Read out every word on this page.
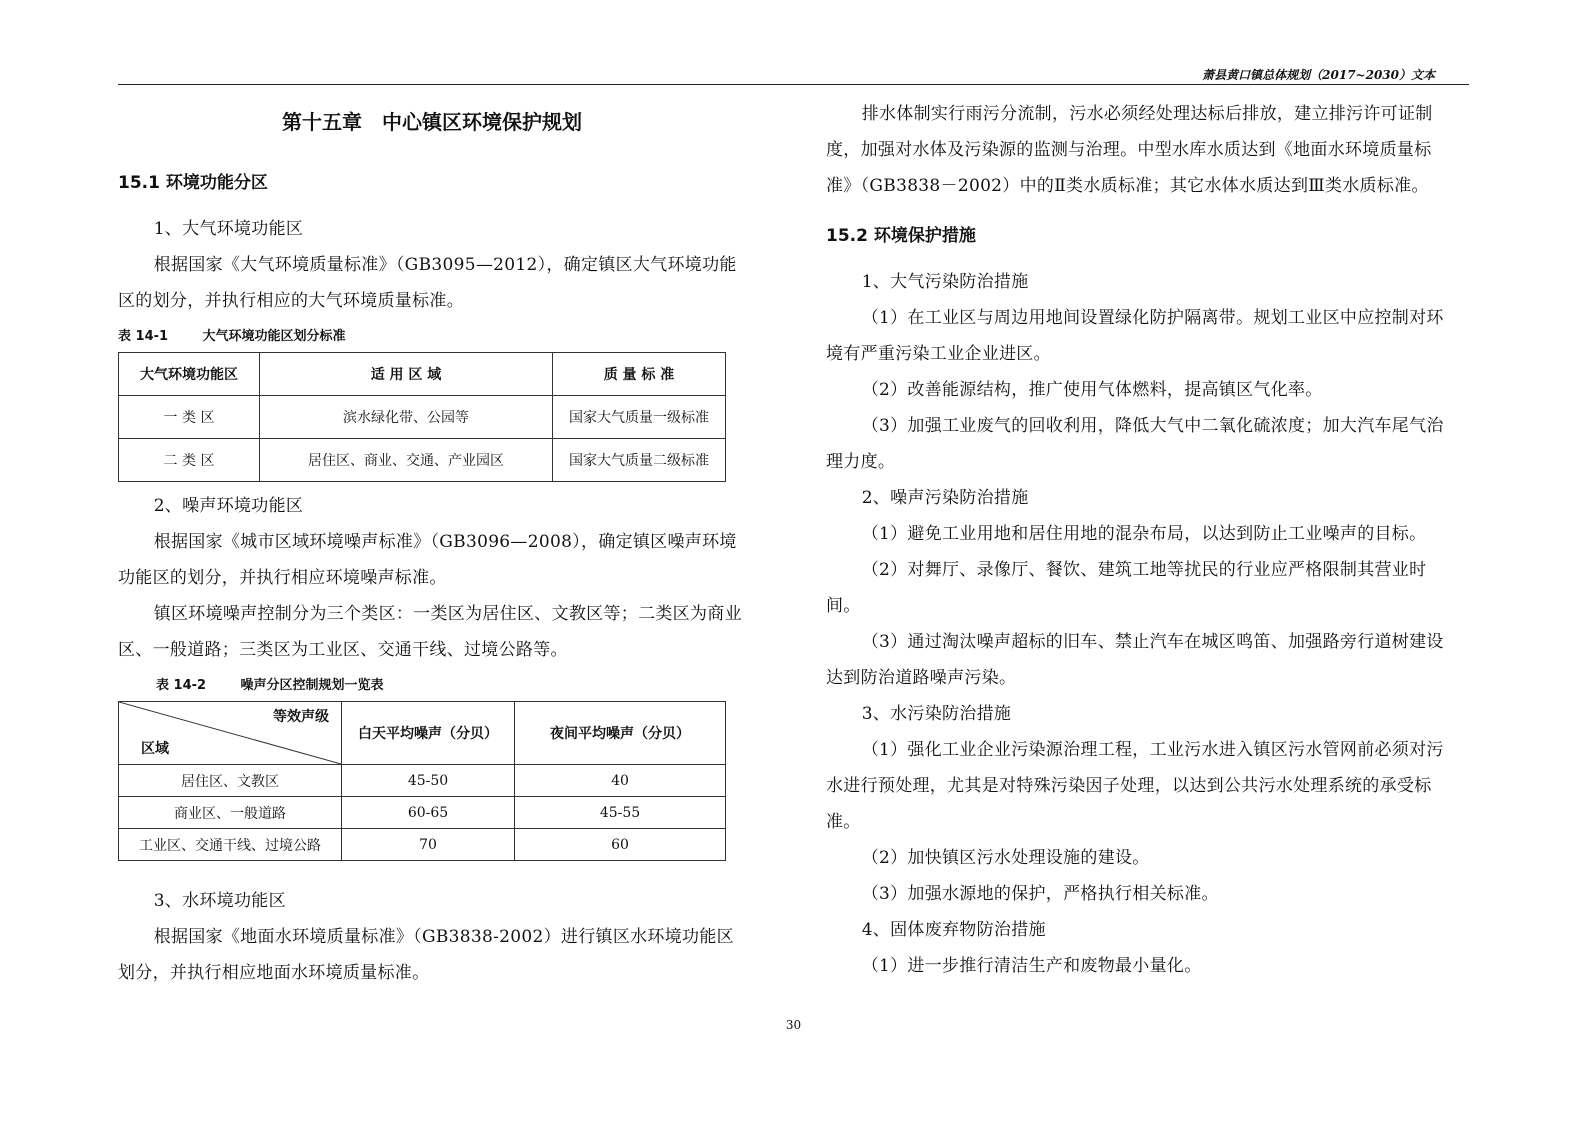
萧县黄口镇总体规划（2017~2030）文本
第十五章　中心镇区环境保护规划
15.1 环境功能分区

1、大气环境功能区

根据国家《大气环境质量标准》（GB3095—2012），确定镇区大气环境功能区的划分，并执行相应的大气环境质量标准。

表 14-1	大气环境功能区划分标准
大气环境功能区	适 用 区 域	质 量 标 准
一 类 区	滨水绿化带、公园等	国家大气质量一级标准
二 类 区	居住区、商业、交通、产业园区	国家大气质量二级标准

2、噪声环境功能区

根据国家《城市区域环境噪声标准》（GB3096—2008），确定镇区噪声环境功能区的划分，并执行相应环境噪声标准。

镇区环境噪声控制分为三个类区：一类区为居住区、文教区等；二类区为商业区、一般道路；三类区为工业区、交通干线、过境公路等。

表 14-2	噪声分区控制规划一览表
等效声级
区域	白天平均噪声（分贝）	夜间平均噪声（分贝）
居住区、文教区	45-50	40
商业区、一般道路	60-65	45-55
工业区、交通干线、过境公路	70	60

3、水环境功能区

根据国家《地面水环境质量标准》（GB3838-2002）进行镇区水环境功能区划分，并执行相应地面水环境质量标准。

排水体制实行雨污分流制，污水必须经处理达标后排放，建立排污许可证制度，加强对水体及污染源的监测与治理。中型水库水质达到《地面水环境质量标准》（GB3838－2002）中的Ⅱ类水质标准；其它水体水质达到Ⅲ类水质标准。

15.2 环境保护措施

1、大气污染防治措施

（1）在工业区与周边用地间设置绿化防护隔离带。规划工业区中应控制对环境有严重污染工业企业进区。

（2）改善能源结构，推广使用气体燃料，提高镇区气化率。

（3）加强工业废气的回收利用，降低大气中二氧化硫浓度；加大汽车尾气治理力度。

2、噪声污染防治措施

（1）避免工业用地和居住用地的混杂布局，以达到防止工业噪声的目标。

（2）对舞厅、录像厅、餐饮、建筑工地等扰民的行业应严格限制其营业时间。

（3）通过淘汰噪声超标的旧车、禁止汽车在城区鸣笛、加强路旁行道树建设达到防治道路噪声污染。

3、水污染防治措施

（1）强化工业企业污染源治理工程，工业污水进入镇区污水管网前必须对污水进行预处理，尤其是对特殊污染因子处理，以达到公共污水处理系统的承受标准。

（2）加快镇区污水处理设施的建设。

（3）加强水源地的保护，严格执行相关标准。

4、固体废弃物防治措施

（1）进一步推行清洁生产和废物最小量化。

30
